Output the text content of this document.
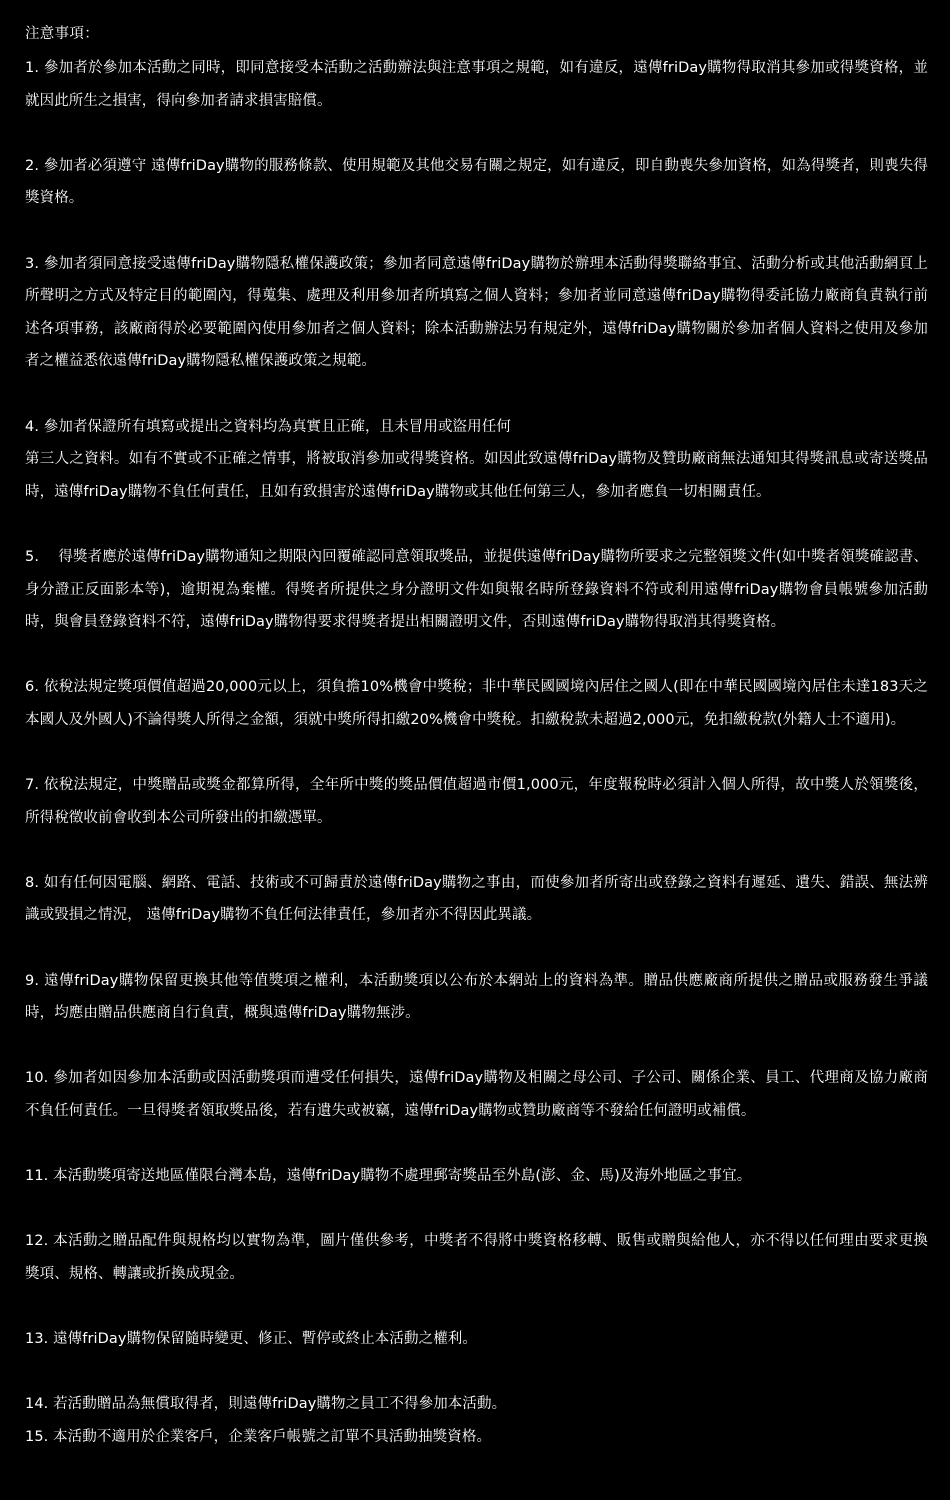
注意事項：
1. 參加者於參加本活動之同時，即同意接受本活動之活動辦法與注意事項之規範，如有違反，遠傳friDay購物得取消其參加或得獎資格，並就因此所生之損害，得向參加者請求損害賠償。
2. 參加者必須遵守 遠傳friDay購物的服務條款、使用規範及其他交易有關之規定，如有違反，即自動喪失參加資格，如為得獎者，則喪失得獎資格。
3. 參加者須同意接受遠傳friDay購物隱私權保護政策；參加者同意遠傳friDay購物於辦理本活動得獎聯絡事宜、活動分析或其他活動網頁上所聲明之方式及特定目的範圍內，得蒐集、處理及利用參加者所填寫之個人資料；參加者並同意遠傳friDay購物得委託協力廠商負責執行前述各項事務，該廠商得於必要範圍內使用參加者之個人資料；除本活動辦法另有規定外，遠傳friDay購物關於參加者個人資料之使用及參加者之權益悉依遠傳friDay購物隱私權保護政策之規範。
4. 參加者保證所有填寫或提出之資料均為真實且正確，且未冒用或盜用任何
第三人之資料。如有不實或不正確之情事，將被取消參加或得獎資格。如因此致遠傳friDay購物及贊助廠商無法通知其得獎訊息或寄送獎品時，遠傳friDay購物不負任何責任，且如有致損害於遠傳friDay購物或其他任何第三人，參加者應負一切相關責任。
5.　 得獎者應於遠傳friDay購物通知之期限內回覆確認同意領取獎品，並提供遠傳friDay購物所要求之完整領獎文件(如中獎者領獎確認書、身分證正反面影本等)，逾期視為棄權。得獎者所提供之身分證明文件如與報名時所登錄資料不符或利用遠傳friDay購物會員帳號參加活動時，與會員登錄資料不符，遠傳friDay購物得要求得獎者提出相關證明文件，否則遠傳friDay購物得取消其得獎資格。
6. 依稅法規定獎項價值超過20,000元以上，須負擔10%機會中獎稅；非中華民國國境內居住之國人(即在中華民國國境內居住未達183天之本國人及外國人)不論得獎人所得之金額，須就中獎所得扣繳20%機會中獎稅。扣繳稅款未超過2,000元，免扣繳稅款(外籍人士不適用)。
7. 依稅法規定，中獎贈品或獎金都算所得，全年所中獎的獎品價值超過市價1,000元，年度報稅時必須計入個人所得，故中獎人於領獎後，所得稅徵收前會收到本公司所發出的扣繳憑單。
8. 如有任何因電腦、網路、電話、技術或不可歸責於遠傳friDay購物之事由，而使參加者所寄出或登錄之資料有遲延、遺失、錯誤、無法辨識或毀損之情況， 遠傳friDay購物不負任何法律責任，參加者亦不得因此異議。
9. 遠傳friDay購物保留更換其他等值獎項之權利，本活動獎項以公布於本網站上的資料為準。贈品供應廠商所提供之贈品或服務發生爭議時，均應由贈品供應商自行負責，概與遠傳friDay購物無涉。
10. 參加者如因參加本活動或因活動獎項而遭受任何損失，遠傳friDay購物及相關之母公司、子公司、關係企業、員工、代理商及協力廠商不負任何責任。一旦得獎者領取獎品後，若有遺失或被竊，遠傳friDay購物或贊助廠商等不發給任何證明或補償。
11. 本活動獎項寄送地區僅限台灣本島，遠傳friDay購物不處理郵寄獎品至外島(澎、金、馬)及海外地區之事宜。
12. 本活動之贈品配件與規格均以實物為準，圖片僅供參考，中獎者不得將中獎資格移轉、販售或贈與給他人，亦不得以任何理由要求更換獎項、規格、轉讓或折換成現金。
13. 遠傳friDay購物保留隨時變更、修正、暫停或終止本活動之權利。
14. 若活動贈品為無償取得者，則遠傳friDay購物之員工不得參加本活動。
15. 本活動不適用於企業客戶，企業客戶帳號之訂單不具活動抽獎資格。
